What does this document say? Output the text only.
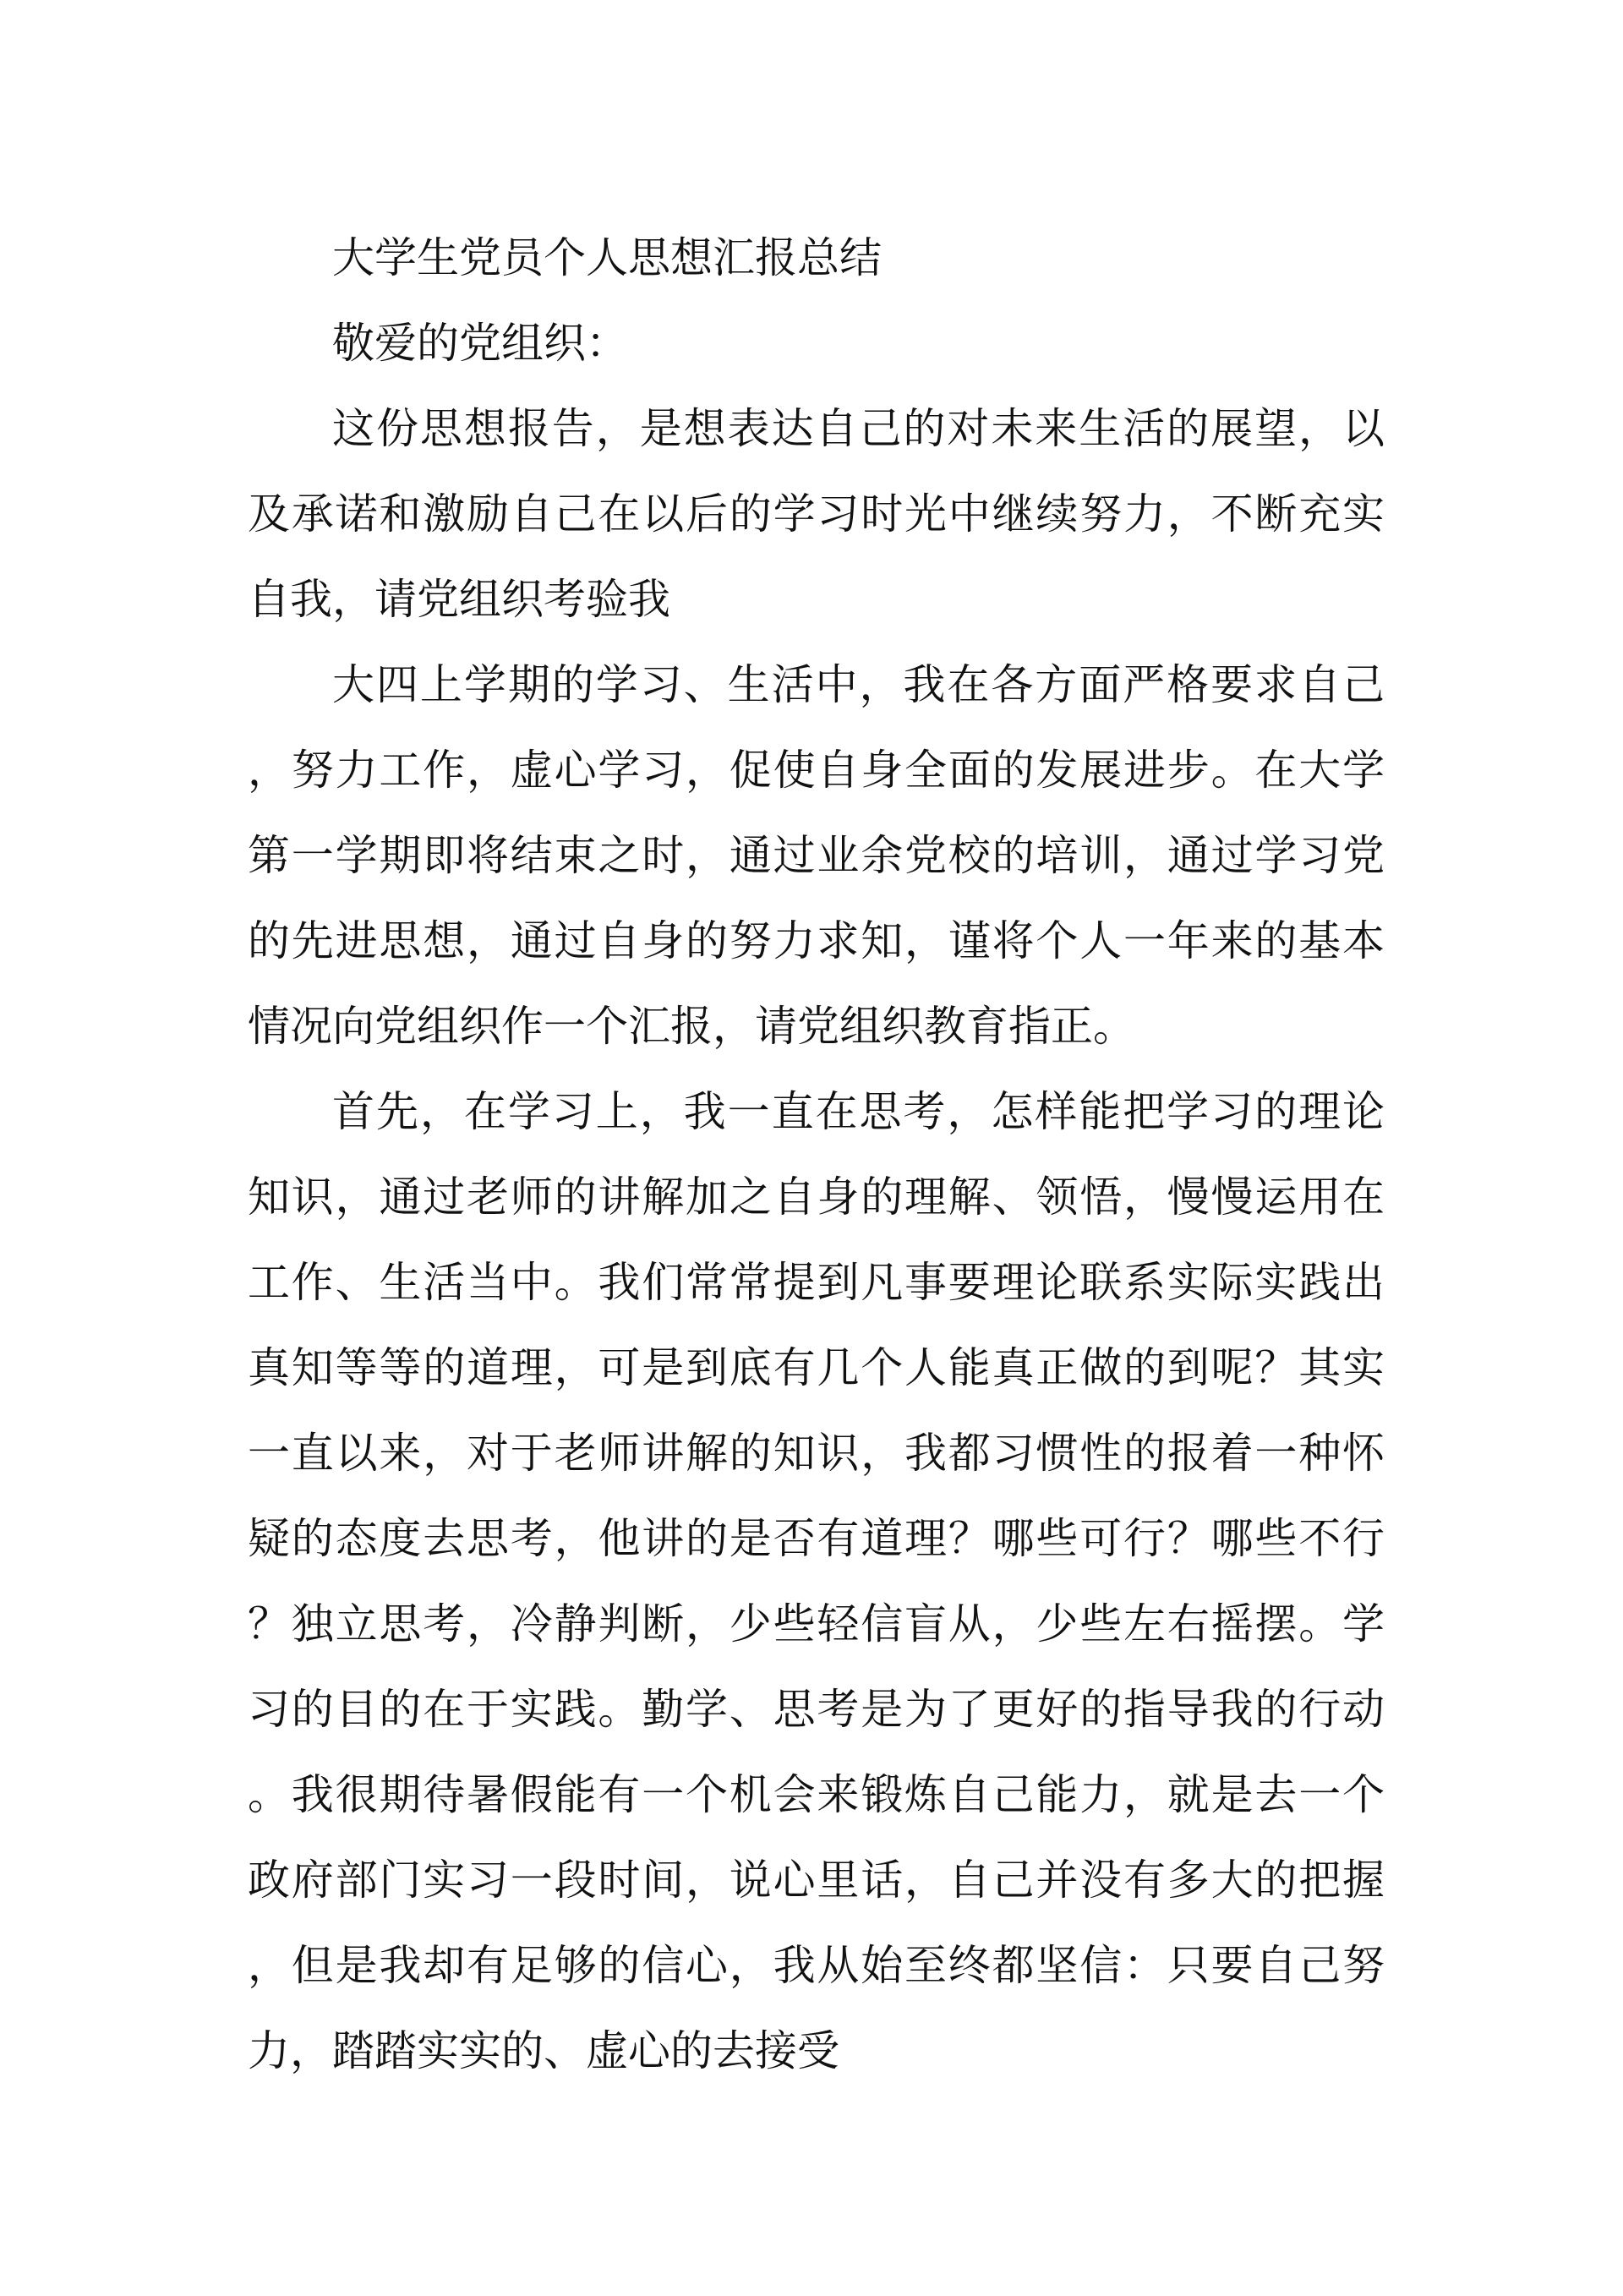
大学生党员个人思想汇报总结

敬爱的党组织：

这份思想报告，是想表达自己的对未来生活的展望，以及承诺和激励自己在以后的学习时光中继续努力，不断充实自我，请党组织考验我

大四上学期的学习、生活中，我在各方面严格要求自己，努力工作，虚心学习，促使自身全面的发展进步。在大学第一学期即将结束之时，通过业余党校的培训，通过学习党的先进思想，通过自身的努力求知，谨将个人一年来的基本情况向党组织作一个汇报，请党组织教育指正。

首先，在学习上，我一直在思考，怎样能把学习的理论知识，通过老师的讲解加之自身的理解、领悟，慢慢运用在工作、生活当中。我们常常提到凡事要理论联系实际实践出真知等等的道理，可是到底有几个人能真正做的到呢？其实一直以来，对于老师讲解的知识，我都习惯性的报着一种怀疑的态度去思考，他讲的是否有道理？哪些可行？哪些不行？独立思考，冷静判断，少些轻信盲从，少些左右摇摆。学习的目的在于实践。勤学、思考是为了更好的指导我的行动。我很期待暑假能有一个机会来锻炼自己能力，就是去一个政府部门实习一段时间，说心里话，自己并没有多大的把握，但是我却有足够的信心，我从始至终都坚信：只要自己努力，踏踏实实的、虚心的去接受
